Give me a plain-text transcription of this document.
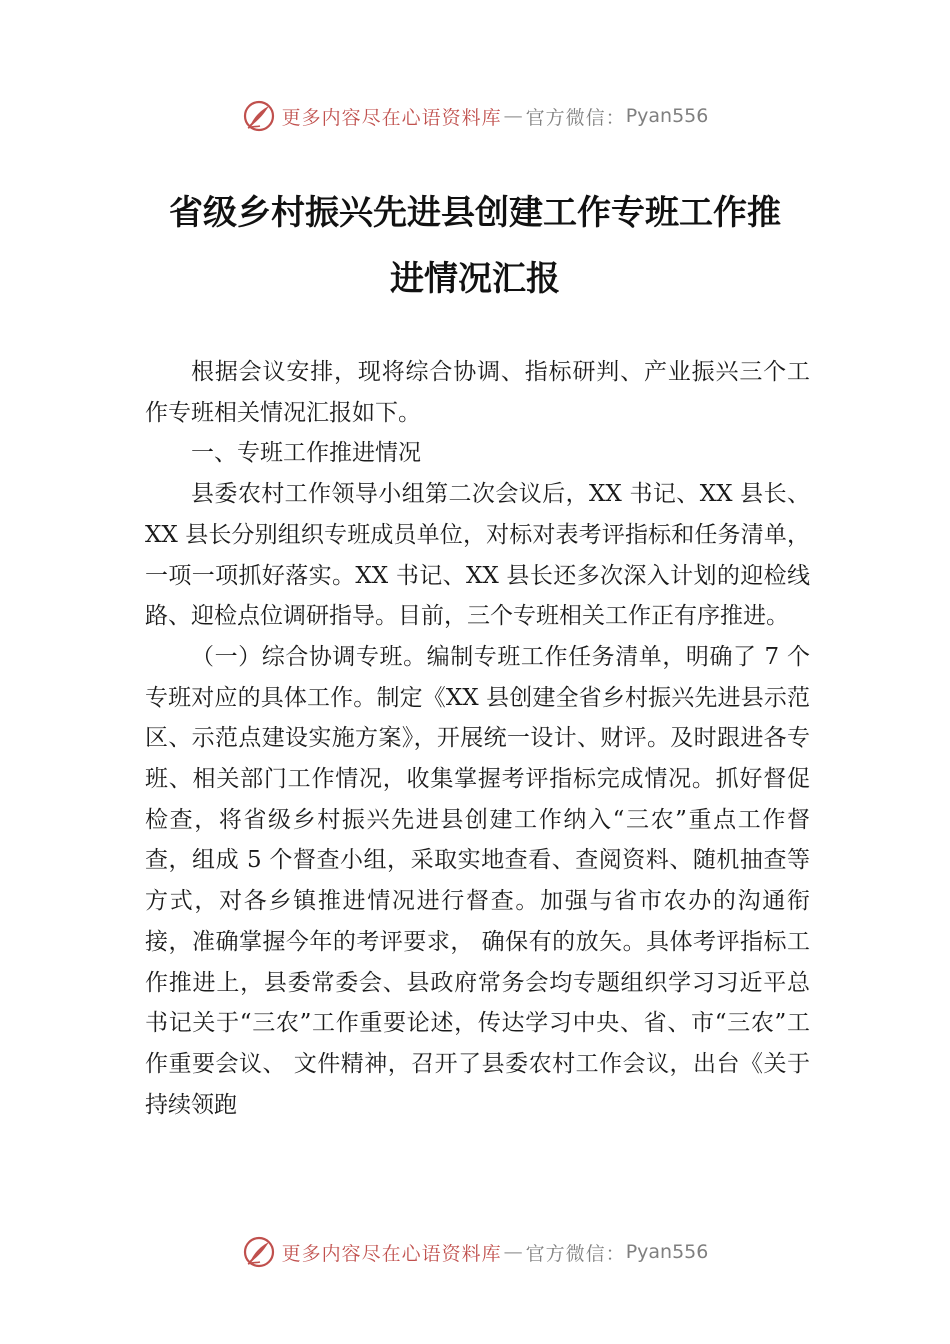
更多内容尽在心语资料库 — 官方微信： Pyan556
省级乡村振兴先进县创建工作专班工作推
进情况汇报

根据会议安排，现将综合协调、指标研判、产业振兴三个工作专班相关情况汇报如下。

一、专班工作推进情况

县委农村工作领导小组第二次会议后，XX 书记、XX 县长、XX 县长分别组织专班成员单位，对标对表考评指标和任务清单，一项一项抓好落实。XX 书记、XX 县长还多次深入计划的迎检线路、迎检点位调研指导。目前，三个专班相关工作正有序推进。

（一）综合协调专班。编制专班工作任务清单，明确了 7 个专班对应的具体工作。制定《XX 县创建全省乡村振兴先进县示范区、示范点建设实施方案》，开展统一设计、财评。及时跟进各专班、相关部门工作情况，收集掌握考评指标完成情况。抓好督促检查，将省级乡村振兴先进县创建工作纳入“三农”重点工作督查，组成 5 个督查小组，采取实地查看、查阅资料、随机抽查等方式，对各乡镇推进情况进行督查。加强与省市农办的沟通衔接，准确掌握今年的考评要求， 确保有的放矢。具体考评指标工作推进上，县委常委会、县政府常务会均专题组织学习习近平总书记关于“三农”工作重要论述，传达学习中央、省、市“三农”工作重要会议、 文件精神，召开了县委农村工作会议，出台《关于持续领跑

更多内容尽在心语资料库 — 官方微信： Pyan556
